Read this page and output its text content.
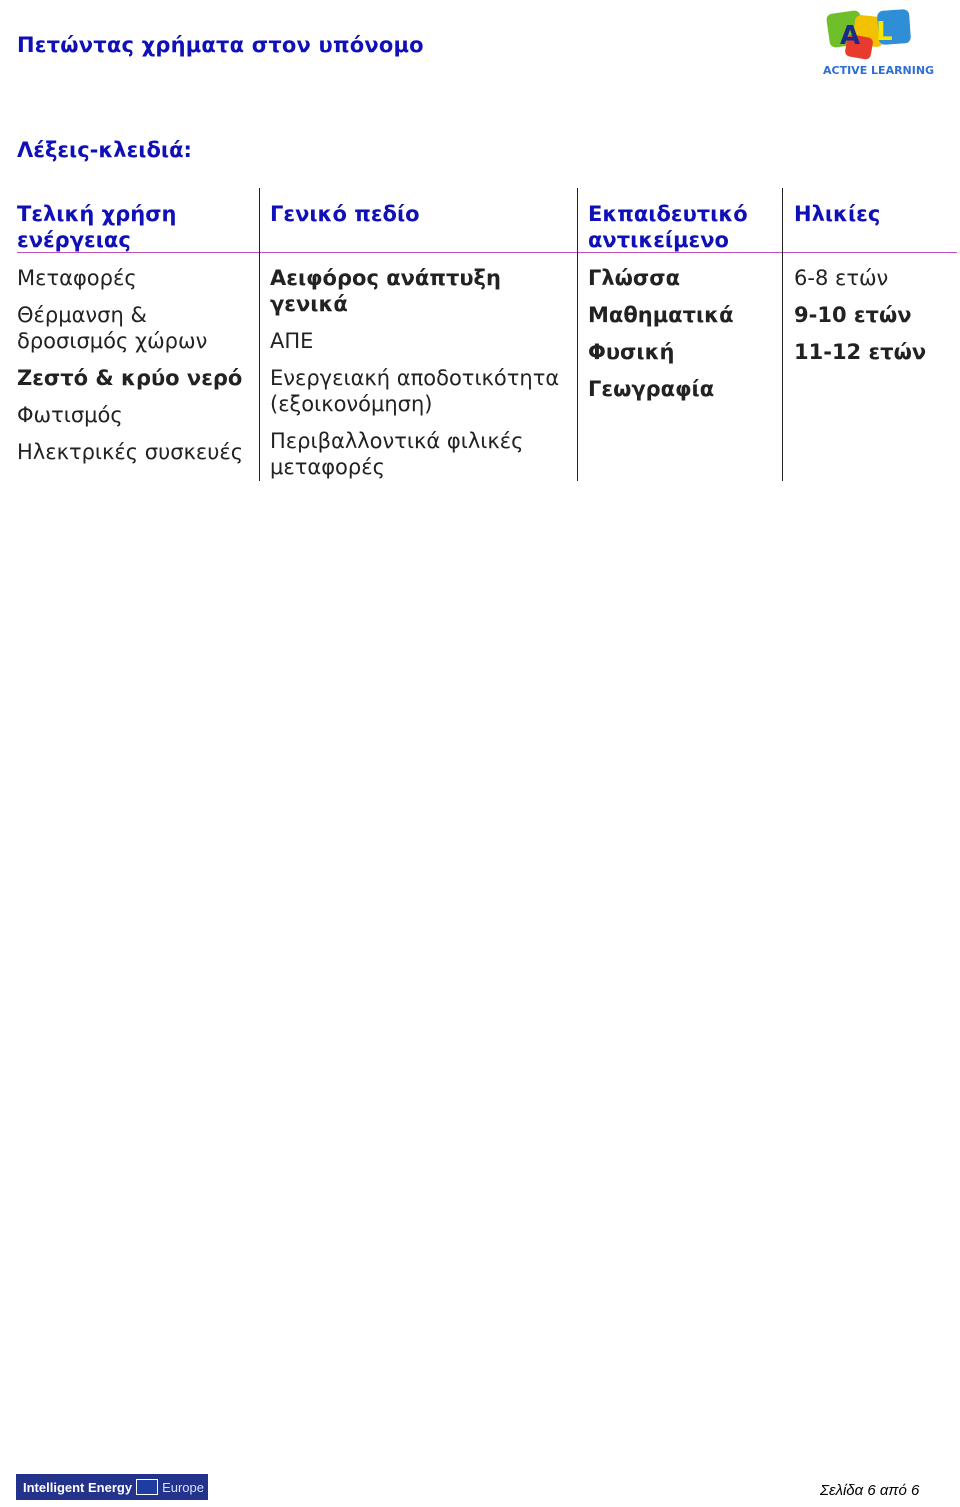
Πετώντας χρήματα στον υπόνομο	A L
ACTIVE LEARNING
Λέξεις-κλειδιά:
Τελική χρήση ενέργειας
Μεταφορές
Θέρμανση & δροσισμός χώρων
Ζεστό & κρύο νερό
Φωτισμός
Ηλεκτρικές συσκευές
Γενικό πεδίο
Αειφόρος ανάπτυξη γενικά
ΑΠΕ
Ενεργειακή αποδοτικότητα (εξοικονόμηση)
Περιβαλλοντικά φιλικές μεταφορές
Εκπαιδευτικό αντικείμενο
Γλώσσα
Μαθηματικά
Φυσική
Γεωγραφία
Ηλικίες
6-8 ετών
9-10 ετών
11-12 ετών
Intelligent Energy Europe	Σελίδα 6 από 6
